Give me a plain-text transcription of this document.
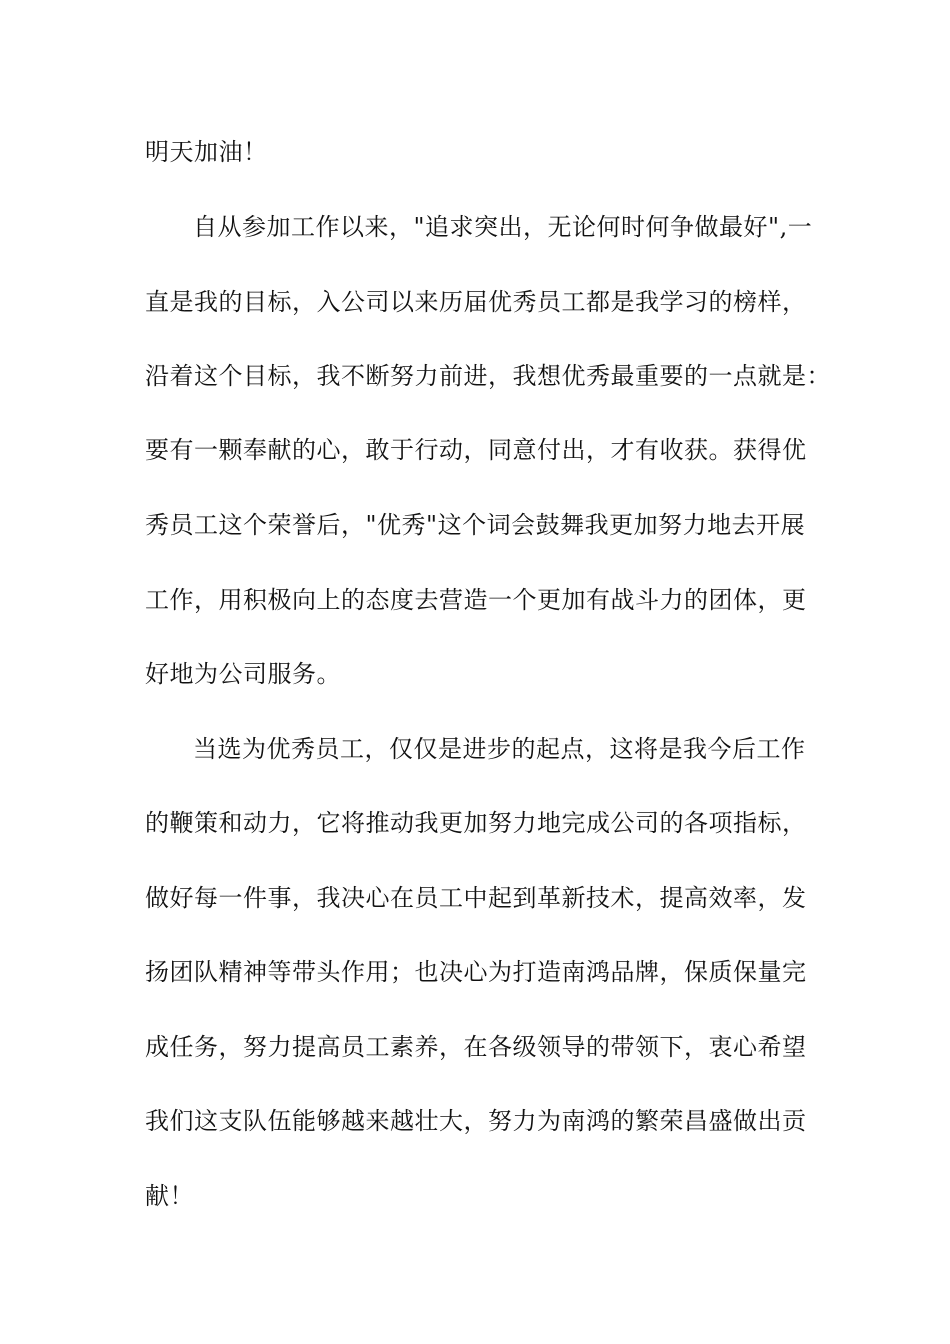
明天加油！
自从参加工作以来，"追求突出，无论何时何争做最好",一
直是我的目标，入公司以来历届优秀员工都是我学习的榜样，
沿着这个目标，我不断努力前进，我想优秀最重要的一点就是：
要有一颗奉献的心，敢于行动，同意付出，才有收获。获得优
秀员工这个荣誉后，"优秀"这个词会鼓舞我更加努力地去开展
工作，用积极向上的态度去营造一个更加有战斗力的团体，更
好地为公司服务。
当选为优秀员工，仅仅是进步的起点，这将是我今后工作
的鞭策和动力，它将推动我更加努力地完成公司的各项指标，
做好每一件事，我决心在员工中起到革新技术，提高效率，发
扬团队精神等带头作用；也决心为打造南鸿品牌，保质保量完
成任务，努力提高员工素养，在各级领导的带领下，衷心希望
我们这支队伍能够越来越壮大，努力为南鸿的繁荣昌盛做出贡
献！
